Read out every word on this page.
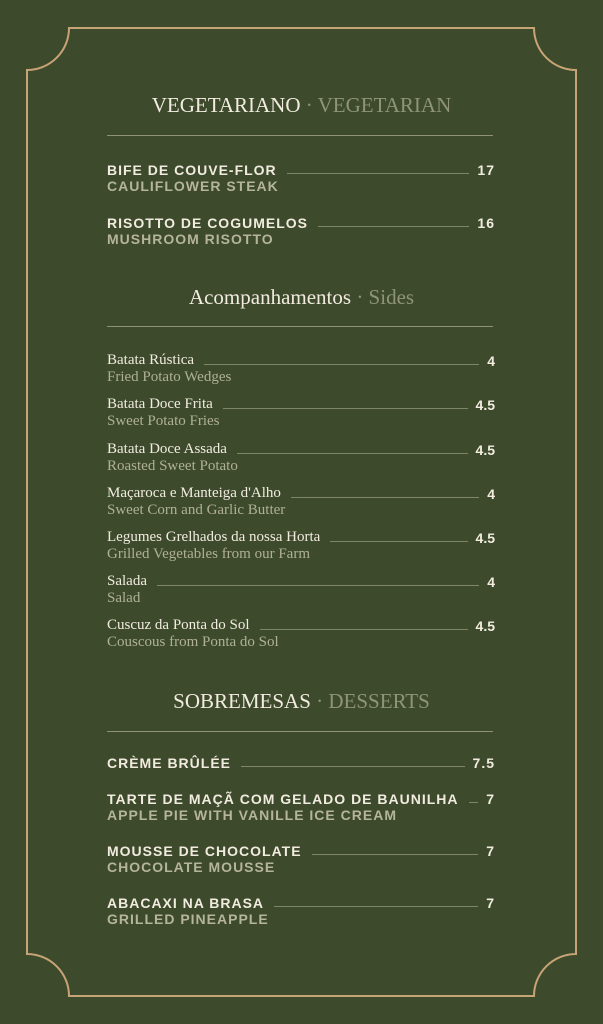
VEGETARIANO · VEGETARIAN
BIFE DE COUVE-FLOR	17
CAULIFLOWER STEAK
RISOTTO DE COGUMELOS	16
MUSHROOM RISOTTO
Acompanhamentos · Sides
Batata Rústica	4
Fried Potato Wedges
Batata Doce Frita	4.5
Sweet Potato Fries
Batata Doce Assada	4.5
Roasted Sweet Potato
Maçaroca e Manteiga d'Alho	4
Sweet Corn and Garlic Butter
Legumes Grelhados da nossa Horta	4.5
Grilled Vegetables from our Farm
Salada	4
Salad
Cuscuz da Ponta do Sol	4.5
Couscous from Ponta do Sol
SOBREMESAS · DESSERTS
CRÈME BRÛLÉE	7.5
TARTE DE MAÇÃ COM GELADO DE BAUNILHA 7
APPLE PIE WITH VANILLE ICE CREAM
MOUSSE DE CHOCOLATE	7
CHOCOLATE MOUSSE
ABACAXI NA BRASA	7
GRILLED PINEAPPLE
